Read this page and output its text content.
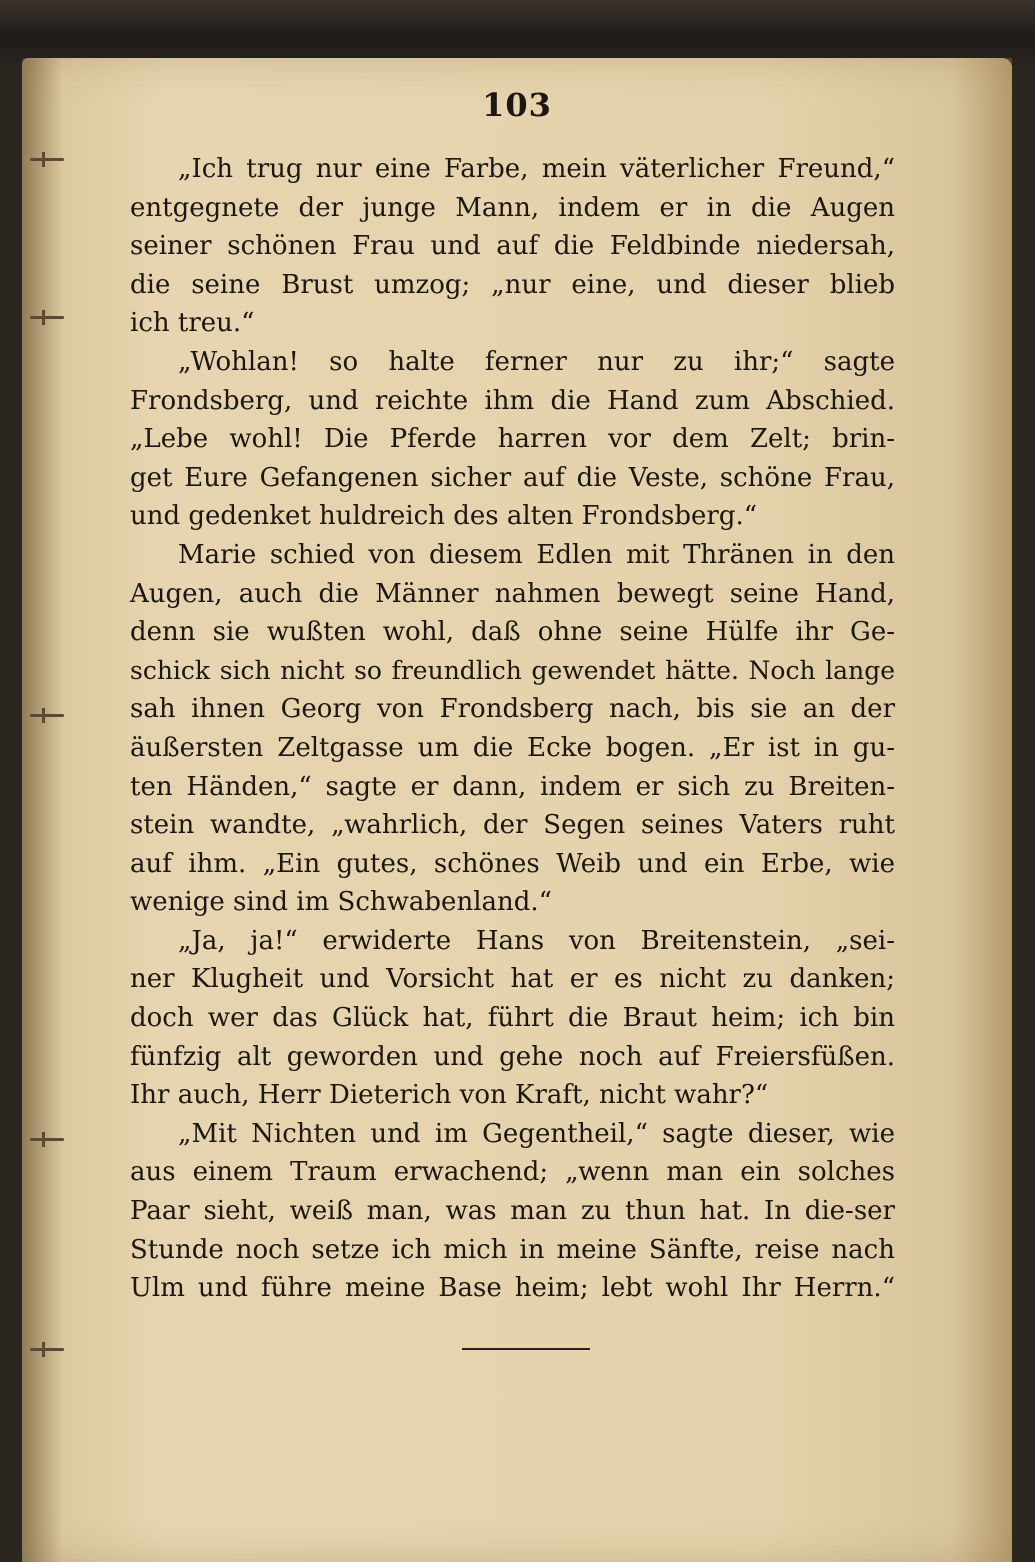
103
„Ich trug nur eine Farbe, mein väterlicher Freund,“
entgegnete der junge Mann, indem er in die Augen
seiner schönen Frau und auf die Feldbinde niedersah,
die seine Brust umzog; „nur eine, und dieser blieb
ich treu.“
„Wohlan! so halte ferner nur zu ihr;“ sagte
Frondsberg, und reichte ihm die Hand zum Abschied.
„Lebe wohl! Die Pferde harren vor dem Zelt; brin-
get Eure Gefangenen sicher auf die Veste, schöne Frau,
und gedenket huldreich des alten Frondsberg.“
Marie schied von diesem Edlen mit Thränen in den
Augen, auch die Männer nahmen bewegt seine Hand,
denn sie wußten wohl, daß ohne seine Hülfe ihr Ge-
schick sich nicht so freundlich gewendet hätte. Noch lange
sah ihnen Georg von Frondsberg nach, bis sie an der
äußersten Zeltgasse um die Ecke bogen. „Er ist in gu-
ten Händen,“ sagte er dann, indem er sich zu Breiten-
stein wandte, „wahrlich, der Segen seines Vaters ruht
auf ihm. „Ein gutes, schönes Weib und ein Erbe, wie
wenige sind im Schwabenland.“
„Ja, ja!“ erwiderte Hans von Breitenstein, „sei-
ner Klugheit und Vorsicht hat er es nicht zu danken;
doch wer das Glück hat, führt die Braut heim; ich bin
fünfzig alt geworden und gehe noch auf Freiersfüßen.
Ihr auch, Herr Dieterich von Kraft, nicht wahr?“
„Mit Nichten und im Gegentheil,“ sagte dieser, wie
aus einem Traum erwachend; „wenn man ein solches
Paar sieht, weiß man, was man zu thun hat. In die-ser
Stunde noch setze ich mich in meine Sänfte, reise nach
Ulm und führe meine Base heim; lebt wohl Ihr Herrn.“
